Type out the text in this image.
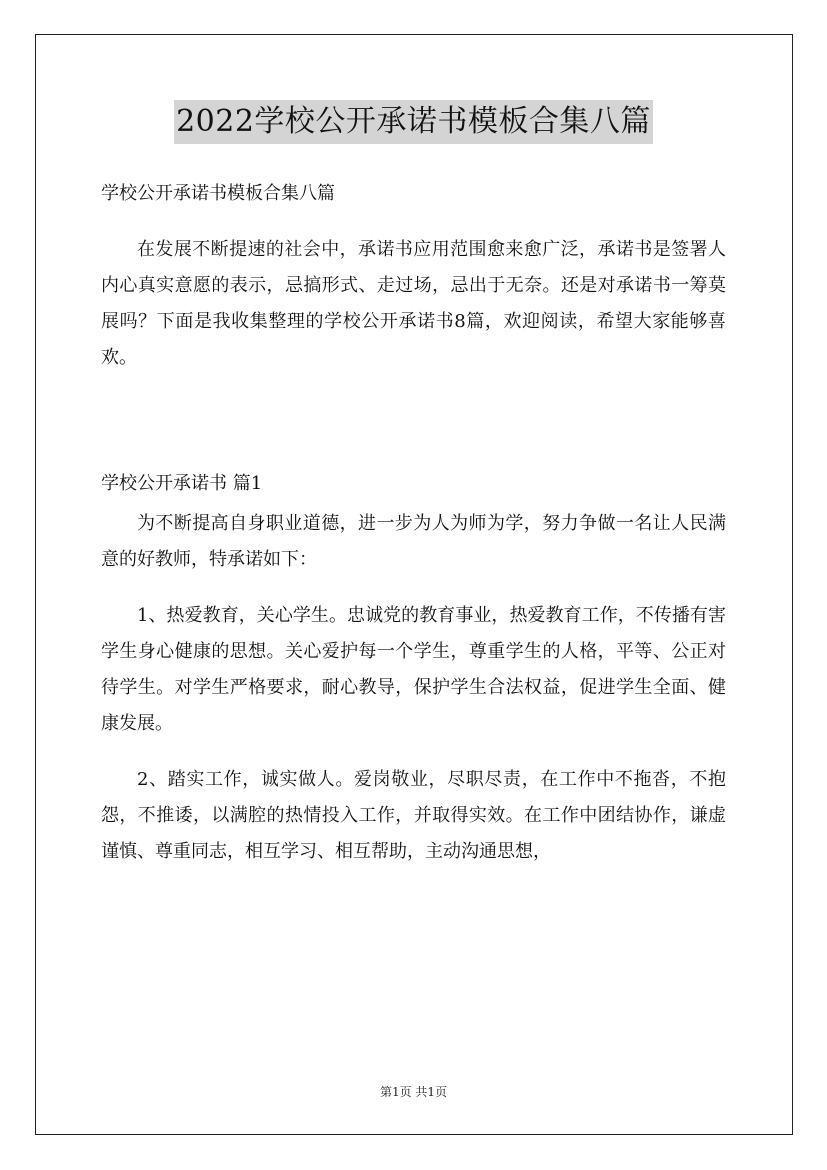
2022学校公开承诺书模板合集八篇

学校公开承诺书模板合集八篇

在发展不断提速的社会中，承诺书应用范围愈来愈广泛，承诺书是签署人内心真实意愿的表示，忌搞形式、走过场，忌出于无奈。还是对承诺书一筹莫展吗？下面是我收集整理的学校公开承诺书8篇，欢迎阅读，希望大家能够喜欢。

学校公开承诺书 篇1

为不断提高自身职业道德，进一步为人为师为学，努力争做一名让人民满意的好教师，特承诺如下：

1、热爱教育，关心学生。忠诚党的教育事业，热爱教育工作，不传播有害学生身心健康的思想。关心爱护每一个学生，尊重学生的人格，平等、公正对待学生。对学生严格要求，耐心教导，保护学生合法权益，促进学生全面、健康发展。

2、踏实工作，诚实做人。爱岗敬业，尽职尽责，在工作中不拖沓，不抱怨，不推诿，以满腔的热情投入工作，并取得实效。在工作中团结协作，谦虚谨慎、尊重同志，相互学习、相互帮助，主动沟通思想，

第1页 共1页
